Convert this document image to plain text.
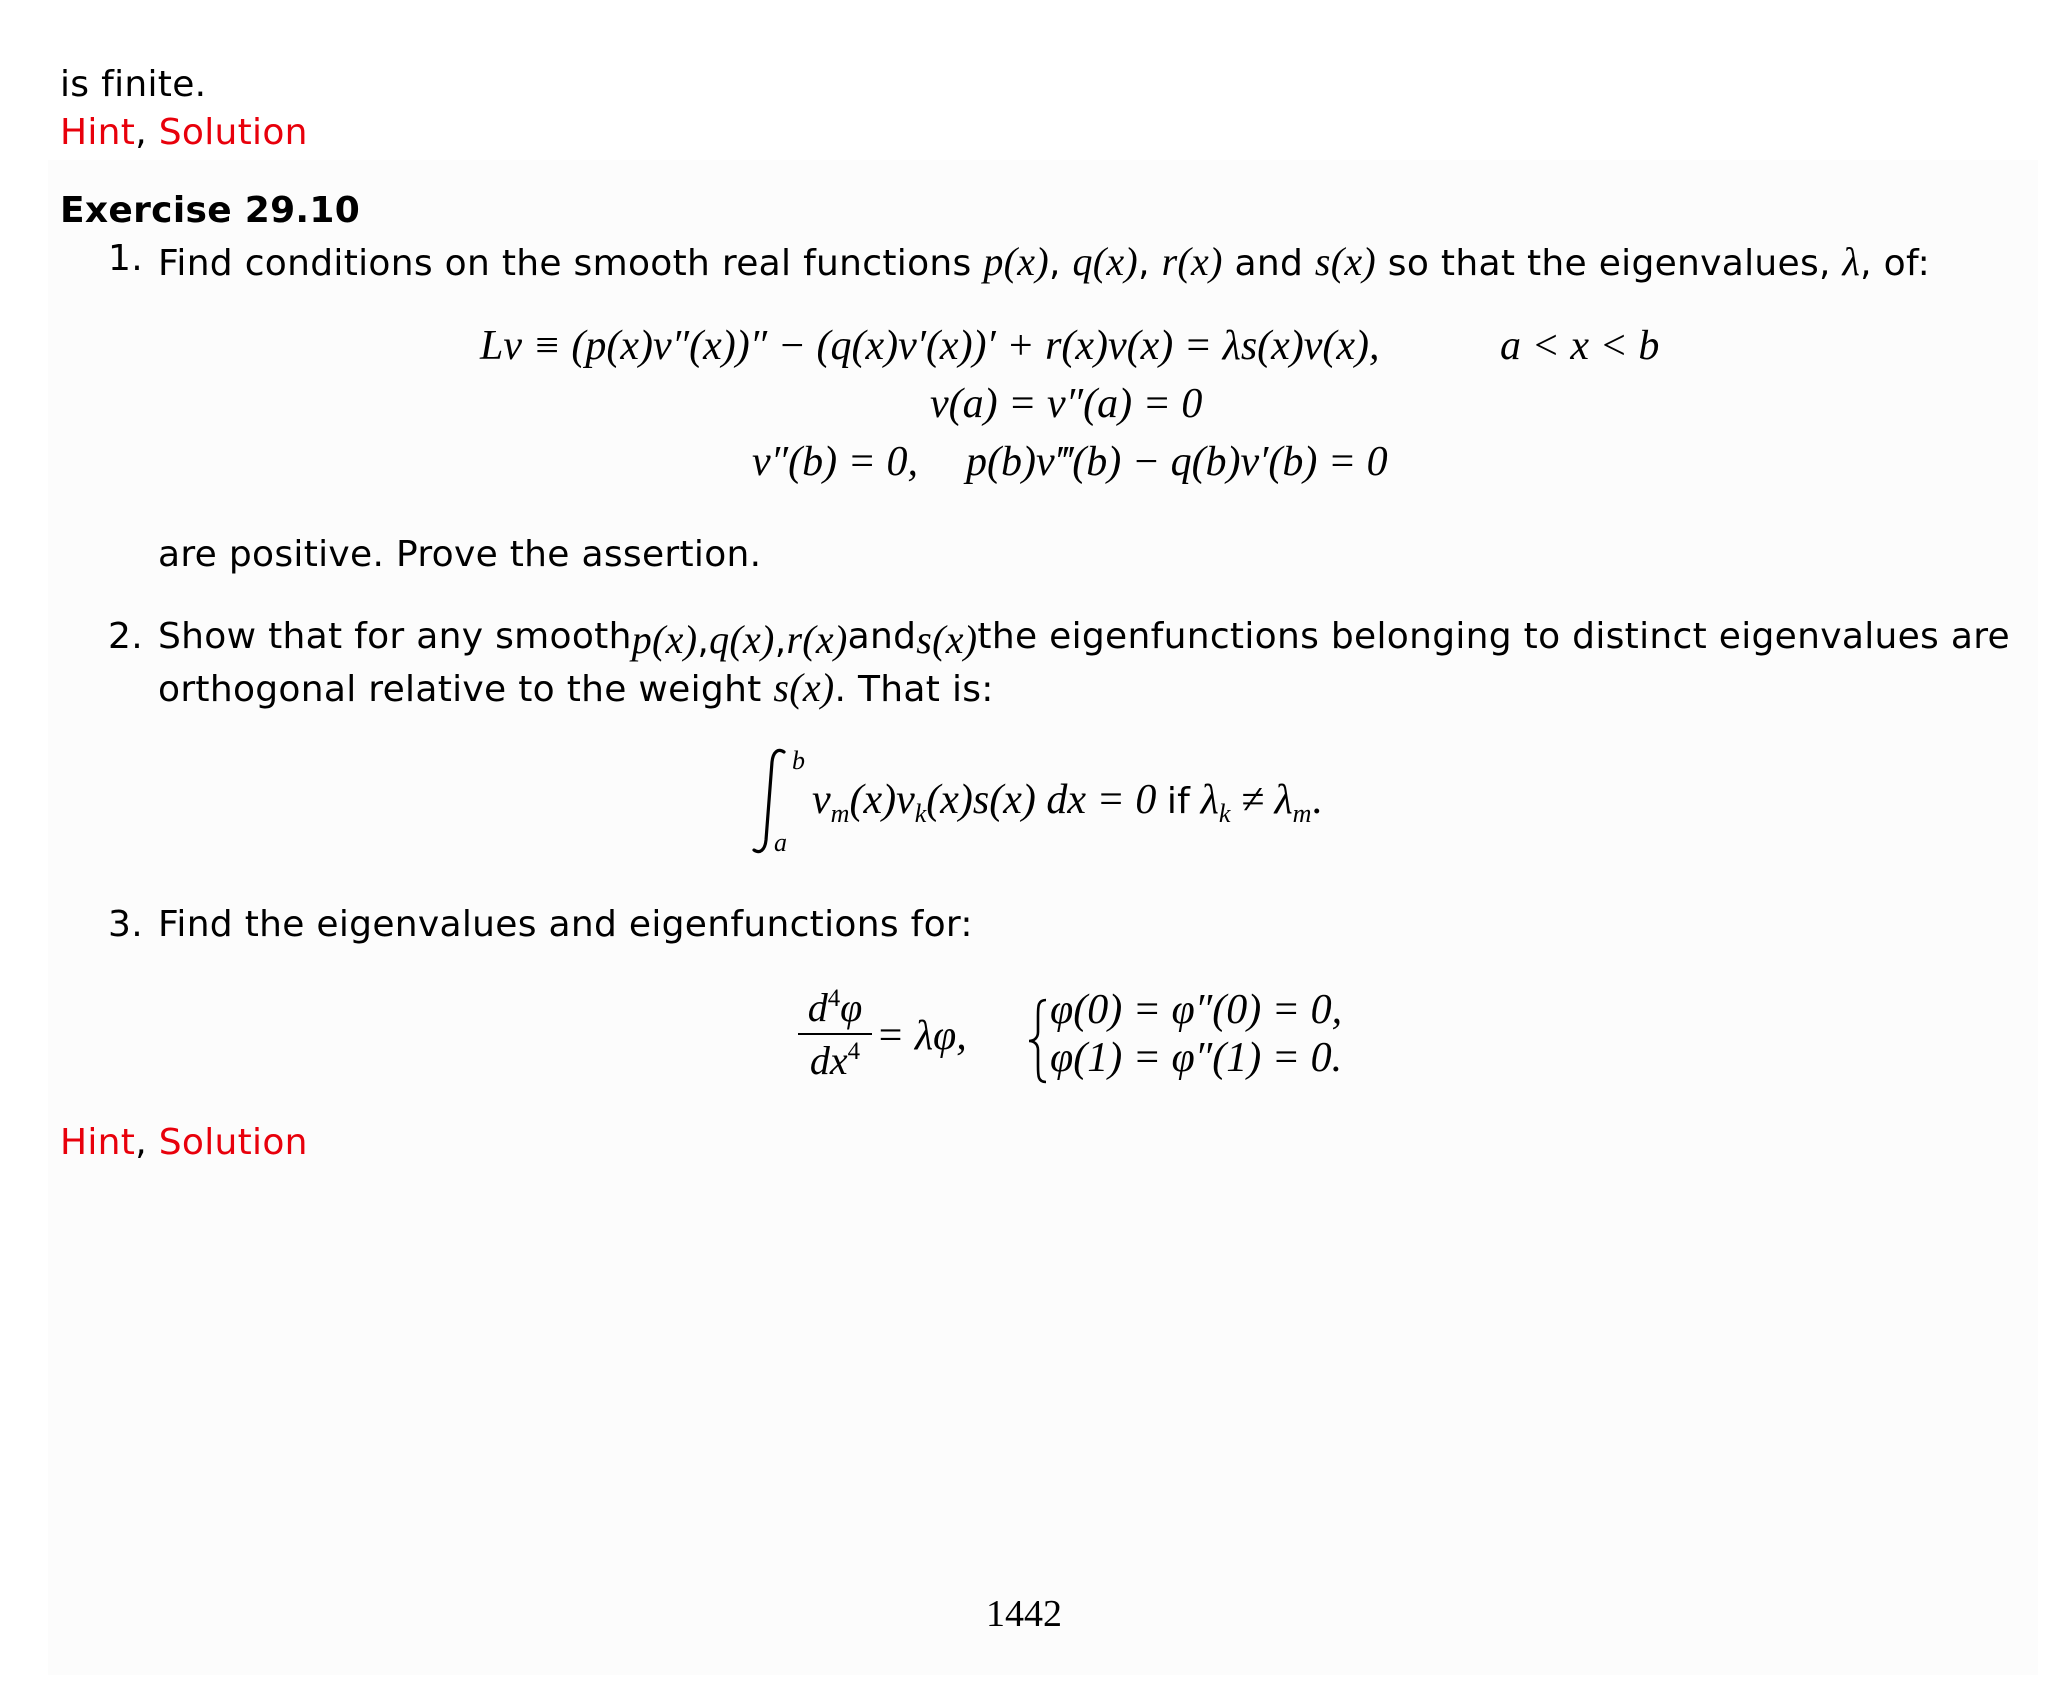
is finite.
Hint, Solution
Exercise 29.10
1. Find conditions on the smooth real functions p(x), q(x), r(x) and s(x) so that the eigenvalues, λ, of:
Lv ≡ (p(x)v″(x))″ − (q(x)v′(x))′ + r(x)v(x) = λs(x)v(x),	a < x < b
v(a) = v″(a) = 0
v″(b) = 0, p(b)v‴(b) − q(b)v′(b) = 0
are positive. Prove the assertion.
2. Show that for any smooth p(x), q(x), r(x) and s(x) the eigenfunctions belonging to distinct eigenvalues are
orthogonal relative to the weight s(x). That is:
b
a
$v_m(x)v_k(x)s(x)$ dx = 0 if $\lambda_k \ne \lambda_m$.
3. Find the eigenvalues and eigenfunctions for:
$d^4\varphi$
$dx^4 = \lambda\varphi$,
φ(0) = φ″(0) = 0,
φ(1) = φ″(1) = 0.
Hint, Solution
1442
